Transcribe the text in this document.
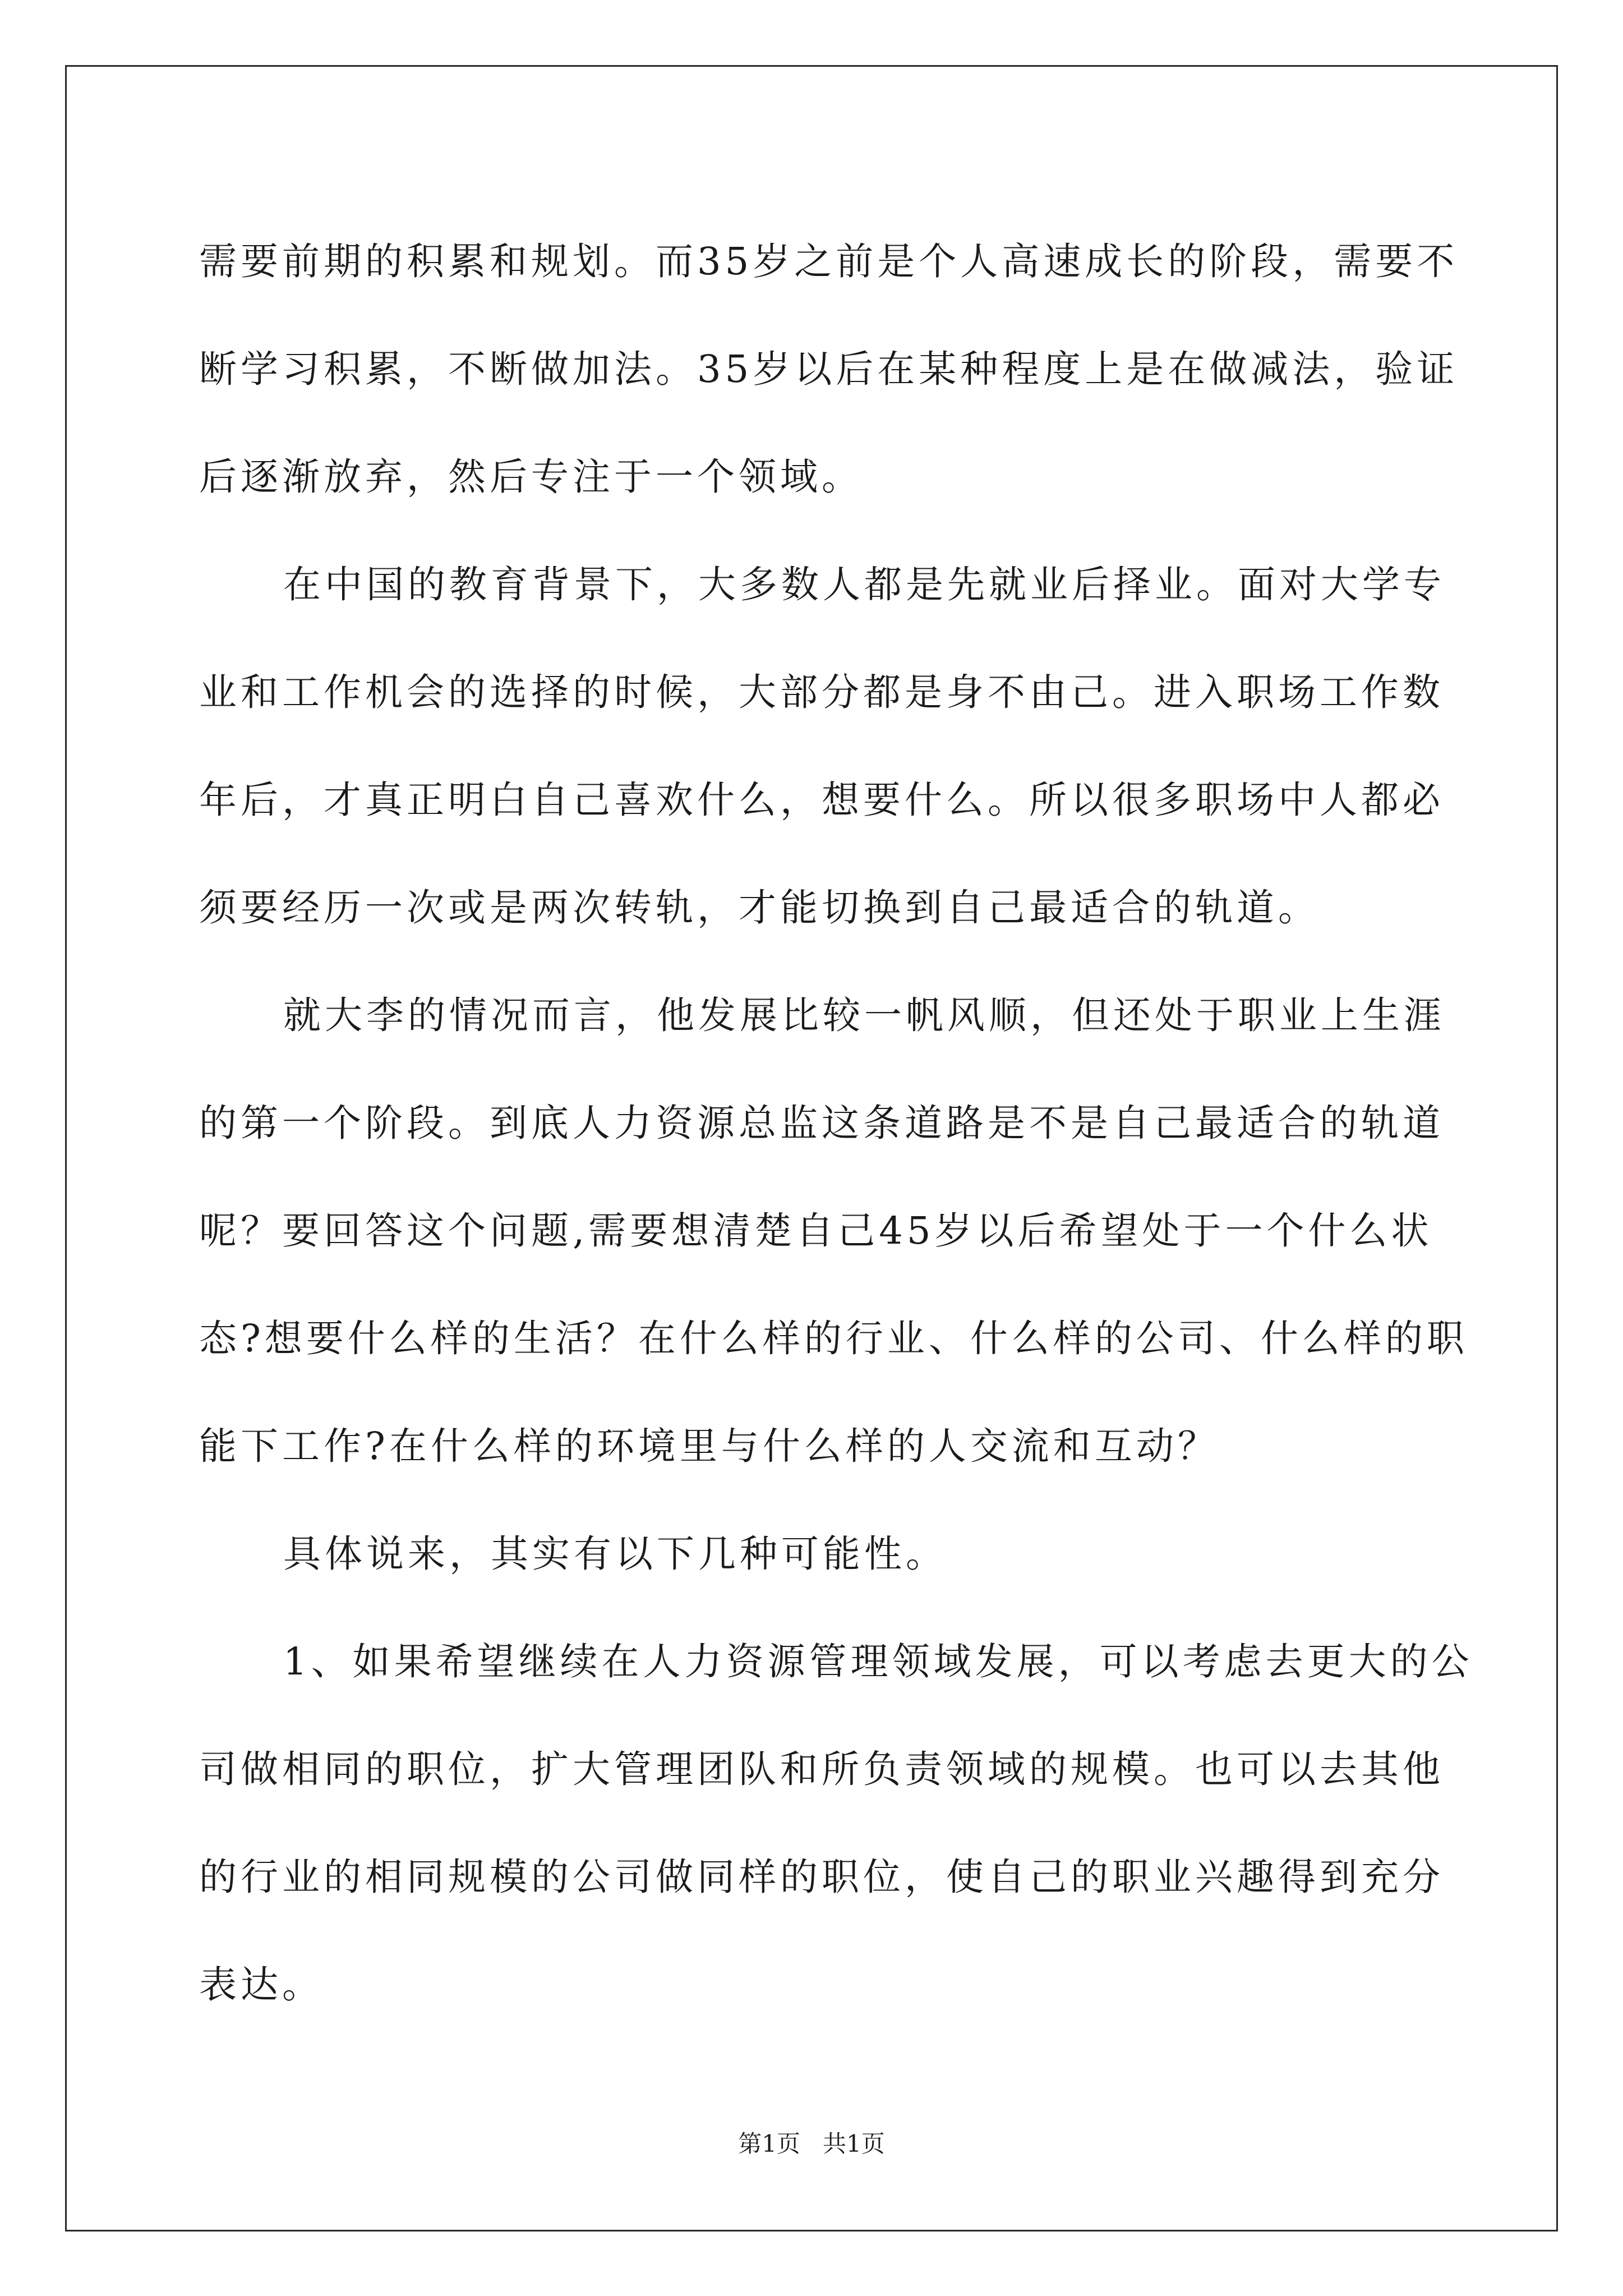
需要前期的积累和规划。而35岁之前是个人高速成长的阶段，需要不
断学习积累，不断做加法。35岁以后在某种程度上是在做减法，验证
后逐渐放弃，然后专注于一个领域。
在中国的教育背景下，大多数人都是先就业后择业。面对大学专
业和工作机会的选择的时候，大部分都是身不由己。进入职场工作数
年后，才真正明白自己喜欢什么，想要什么。所以很多职场中人都必
须要经历一次或是两次转轨，才能切换到自己最适合的轨道。
就大李的情况而言，他发展比较一帆风顺，但还处于职业上生涯
的第一个阶段。到底人力资源总监这条道路是不是自己最适合的轨道
呢？要回答这个问题,需要想清楚自己45岁以后希望处于一个什么状
态?想要什么样的生活？在什么样的行业、什么样的公司、什么样的职
能下工作?在什么样的环境里与什么样的人交流和互动？
具体说来，其实有以下几种可能性。
1、如果希望继续在人力资源管理领域发展，可以考虑去更大的公
司做相同的职位，扩大管理团队和所负责领域的规模。也可以去其他
的行业的相同规模的公司做同样的职位，使自己的职业兴趣得到充分
表达。
第1页   共1页
